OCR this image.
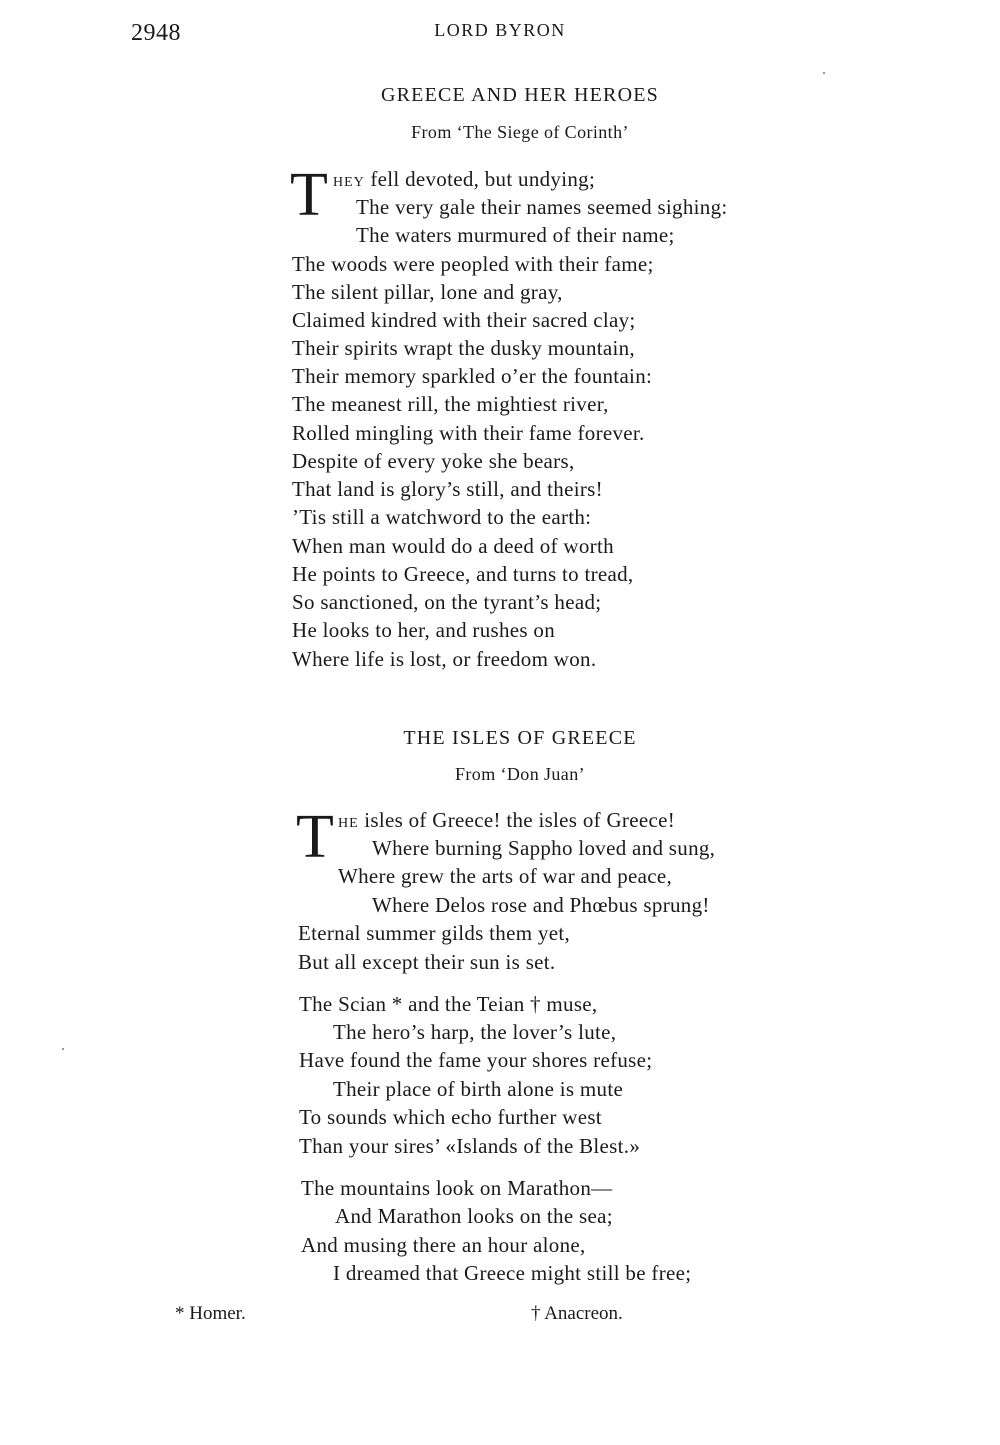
2948	LORD BYRON
GREECE AND HER HEROES
From ‘The Siege of Corinth’
T HEY fell devoted, but undying;
The very gale their names seemed sighing:
The waters murmured of their name;
The woods were peopled with their fame;
The silent pillar, lone and gray,
Claimed kindred with their sacred clay;
Their spirits wrapt the dusky mountain,
Their memory sparkled o’er the fountain:
The meanest rill, the mightiest river,
Rolled mingling with their fame forever.
Despite of every yoke she bears,
That land is glory’s still, and theirs!
’Tis still a watchword to the earth:
When man would do a deed of worth
He points to Greece, and turns to tread,
So sanctioned, on the tyrant’s head;
He looks to her, and rushes on
Where life is lost, or freedom won.
THE ISLES OF GREECE
From ‘Don Juan’
T HE isles of Greece! the isles of Greece!
Where burning Sappho loved and sung,
Where grew the arts of war and peace,
Where Delos rose and Phœbus sprung!
Eternal summer gilds them yet,
But all except their sun is set.
The Scian * and the Teian † muse,
The hero’s harp, the lover’s lute,
Have found the fame your shores refuse;
Their place of birth alone is mute
To sounds which echo further west
Than your sires’ «Islands of the Blest.»
The mountains look on Marathon—
And Marathon looks on the sea;
And musing there an hour alone,
I dreamed that Greece might still be free;
* Homer.	† Anacreon.
